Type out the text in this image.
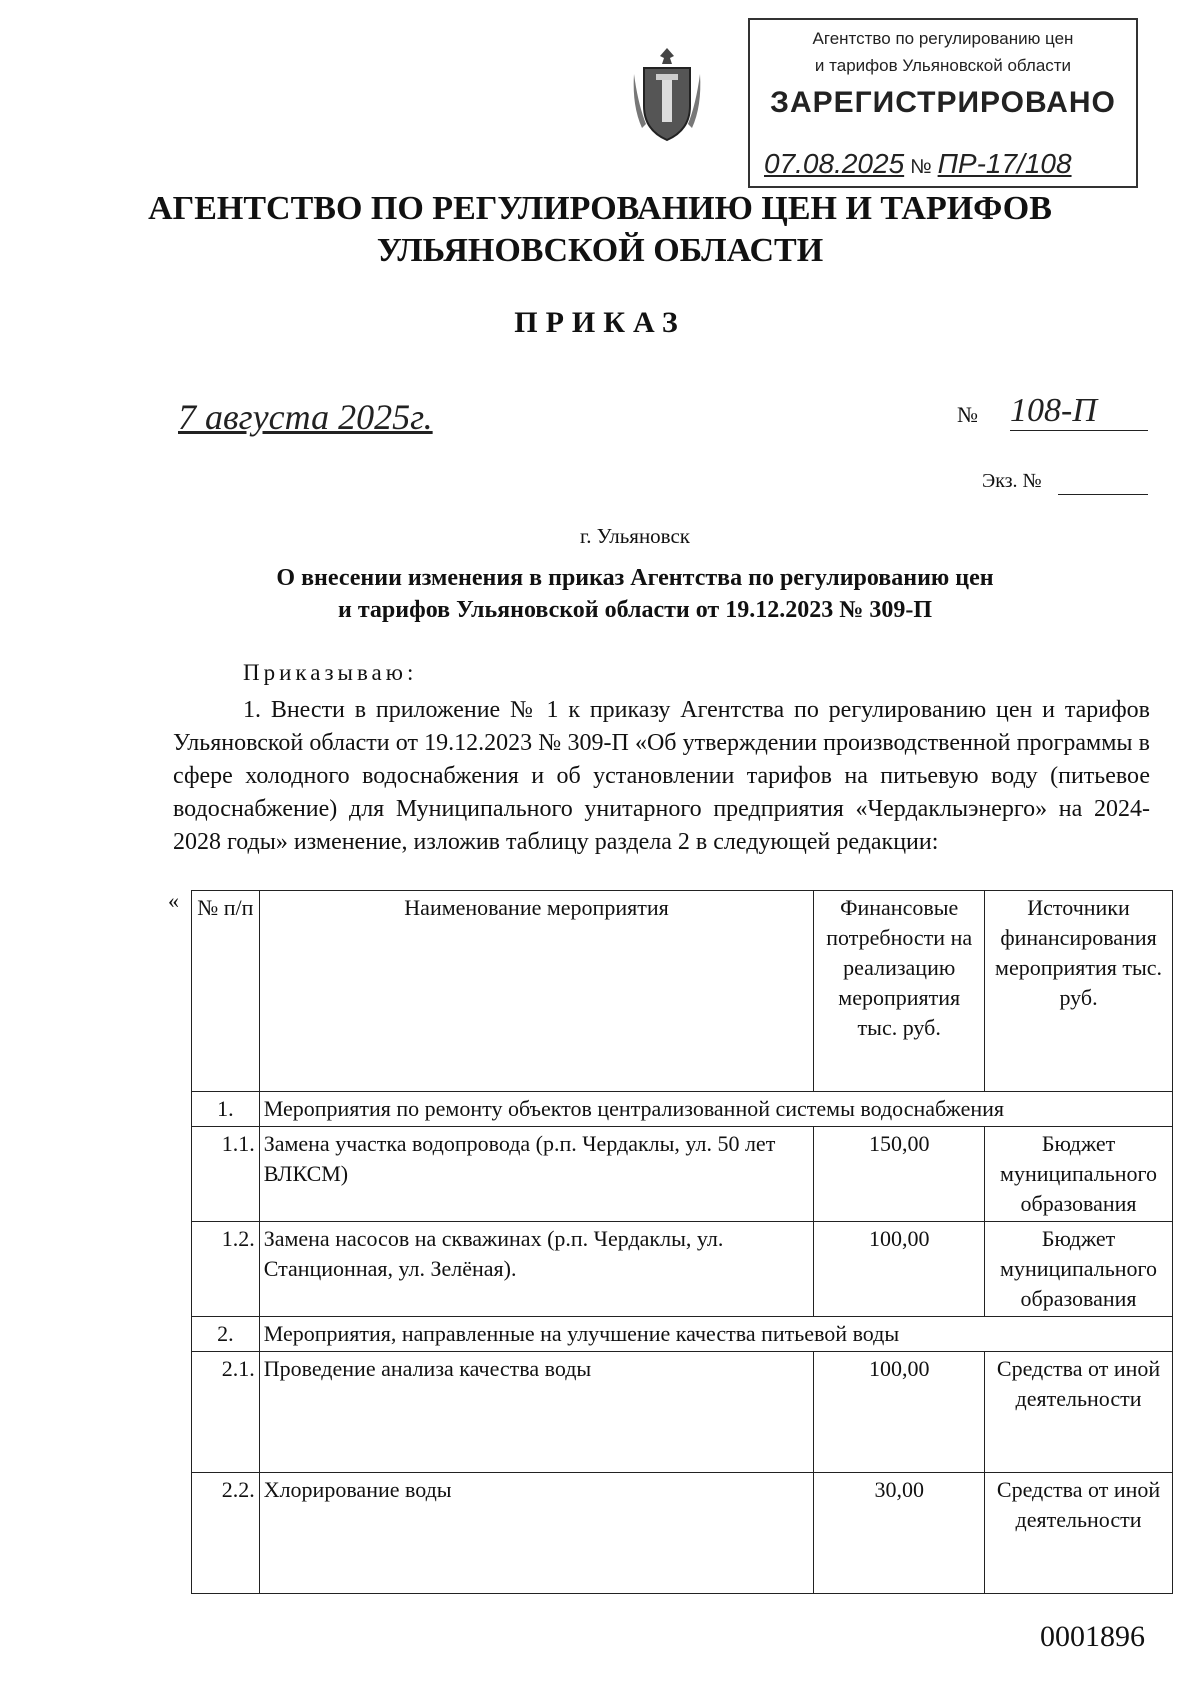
Агентство по регулированию цен
и тарифов Ульяновской области
ЗАРЕГИСТРИРОВАНО
07.08.2025 № ПР-17/108
АГЕНТСТВО ПО РЕГУЛИРОВАНИЮ ЦЕН И ТАРИФОВ
УЛЬЯНОВСКОЙ ОБЛАСТИ
ПРИКАЗ
7 августа 2025г.	№ 108-П
Экз. №
г. Ульяновск
О внесении изменения в приказ Агентства по регулированию цен
и тарифов Ульяновской области от 19.12.2023 № 309-П
Приказываю:

1. Внести в приложение № 1 к приказу Агентства по регулированию цен и тарифов Ульяновской области от 19.12.2023 № 309-П «Об утверждении производственной программы в сфере холодного водоснабжения и об установлении тарифов на питьевую воду (питьевое водоснабжение) для Муниципального унитарного предприятия «Чердаклыэнерго» на 2024-2028 годы» изменение, изложив таблицу раздела 2 в следующей редакции:

« № п/п	Наименование мероприятия	Финансовые потребности на реализацию мероприятия тыс. руб.	Источники финансирования мероприятия тыс. руб.
1.	Мероприятия по ремонту объектов централизованной системы водоснабжения		
1.1.	Замена участка водопровода (р.п. Чердаклы, ул. 50 лет ВЛКСМ)	150,00	Бюджет муниципального образования
1.2.	Замена насосов на скважинах (р.п. Чердаклы, ул. Станционная, ул. Зелёная).	100,00	Бюджет муниципального образования
2.	Мероприятия, направленные на улучшение качества питьевой воды		
2.1.	Проведение анализа качества воды	100,00	Средства от иной деятельности
2.2.	Хлорирование воды	30,00	Средства от иной деятельности
0001896
